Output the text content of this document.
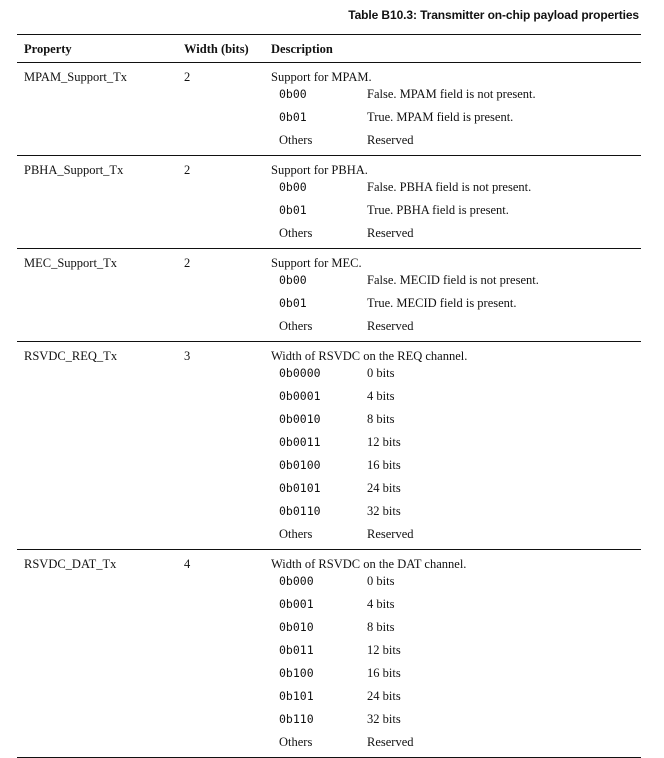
Table B10.3: Transmitter on-chip payload properties
Property	Width (bits) Description
MPAM_Support_Tx	2	Support for MPAM.
0b00	False. MPAM field is not present.
0b01	True. MPAM field is present.
Others	Reserved
PBHA_Support_Tx	2	Support for PBHA.
0b00	False. PBHA field is not present.
0b01	True. PBHA field is present.
Others	Reserved
MEC_Support_Tx	2	Support for MEC.
0b00	False. MECID field is not present.
0b01	True. MECID field is present.
Others	Reserved
RSVDC_REQ_Tx	3	Width of RSVDC on the REQ channel.
0b0000	0 bits
0b0001	4 bits
0b0010	8 bits
0b0011	12 bits
0b0100	16 bits
0b0101	24 bits
0b0110	32 bits
Others	Reserved
RSVDC_DAT_Tx	4	Width of RSVDC on the DAT channel.
0b000	0 bits
0b001	4 bits
0b010	8 bits
0b011	12 bits
0b100	16 bits
0b101	24 bits
0b110	32 bits
Others	Reserved
